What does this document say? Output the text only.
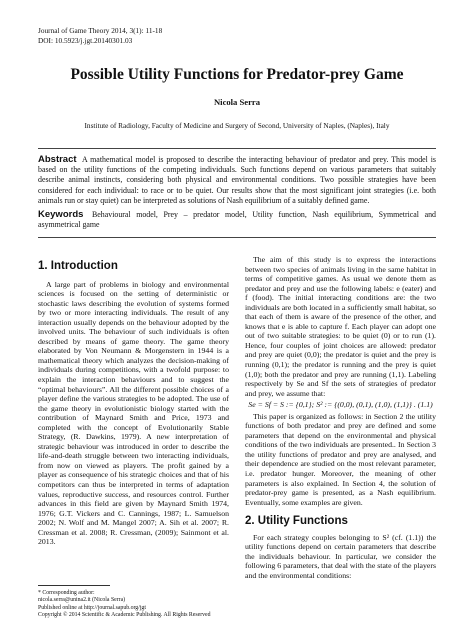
Journal of Game Theory 2014, 3(1): 11-18
DOI: 10.5923/j.jgt.20140301.03
Possible Utility Functions for Predator-prey Game
Nicola Serra
Institute of Radiology, Faculty of Medicine and Surgery of Second, University of Naples, (Naples), Italy
Abstract A mathematical model is proposed to describe the interacting behaviour of predator and prey. This model is based on the utility functions of the competing individuals. Such functions depend on various parameters that suitably describe animal instincts, considering both physical and environmental conditions. Two possible strategies have been considered for each individual: to race or to be quiet. Our results show that the most significant joint strategies (i.e. both animals run or stay quiet) can be interpreted as solutions of Nash equilibrium of a suitably defined game.
Keywords Behavioural model, Prey – predator model, Utility function, Nash equilibrium, Symmetrical and asymmetrical game
1. Introduction

A large part of problems in biology and environmental sciences is focused on the setting of deterministic or stochastic laws describing the evolution of systems formed by two or more interacting individuals. The result of any interaction usually depends on the behaviour adopted by the involved units. The behaviour of such individuals is often described by means of game theory. The game theory elaborated by Von Neumann & Morgenstern in 1944 is a mathematical theory which analyzes the decision-making of individuals during competitions, with a twofold purpose: to explain the interaction behaviours and to suggest the “optimal behaviours”. All the different possible choices of a player define the various strategies to be adopted. The use of the game theory in evolutionistic biology started with the contribution of Maynard Smith and Price, 1973 and completed with the concept of Evolutionarily Stable Strategy, (R. Dawkins, 1979). A new interpretation of strategic behaviour was introduced in order to describe the life-and-death struggle between two interacting individuals, from now on viewed as players. The profit gained by a player as consequence of his strategic choices and that of his competitors can thus be interpreted in terms of adaptation values, reproductive success, and resources control. Further advances in this field are given by Maynard Smith 1974, 1976; G.T. Vickers and C. Cannings, 1987; L. Samuelson 2002; N. Wolf and M. Mangel 2007; A. Sih et al. 2007; R. Cressman et al. 2008; R. Cressman, (2009); Sainmont et al. 2013.

* Corresponding author:
nicola.serra@unina2.it (Nicola Serra)
Published online at http://journal.sapub.org/jgt
Copyright © 2014 Scientific & Academic Publishing. All Rights Reserved

The aim of this study is to express the interactions between two species of animals living in the same habitat in terms of competitive games. As usual we denote them as predator and prey and use the following labels: e (eater) and f (food). The initial interacting conditions are: the two individuals are both located in a sufficiently small habitat, so that each of them is aware of the presence of the other, and knows that e is able to capture f. Each player can adopt one out of two suitable strategies: to be quiet (0) or to run (1). Hence, four couples of joint choices are allowed: predator and prey are quiet (0,0); the predator is quiet and the prey is running (0,1); the predator is running and the prey is quiet (1,0); both the predator and prey are running (1,1). Labeling respectively by Se and Sf the sets of strategies of predator and prey, we assume that:

Se = Sf = S := {0,1}; S² := {(0,0), (0,1), (1,0), (1,1)} . (1.1)

This paper is organized as follows: in Section 2 the utility functions of both predator and prey are defined and some parameters that depend on the environmental and physical conditions of the two individuals are presented.. In Section 3 the utility functions of predator and prey are analysed, and their dependence are studied on the most relevant parameter, i.e. predator hunger. Moreover, the meaning of other parameters is also explained. In Section 4, the solution of predator-prey game is presented, as a Nash equilibrium. Eventually, some examples are given.

2. Utility Functions

For each strategy couples belonging to S² (cf. (1.1)) the utility functions depend on certain parameters that describe the individuals behaviour. In particular, we consider the following 6 parameters, that deal with the state of the players and the environmental conditions:
